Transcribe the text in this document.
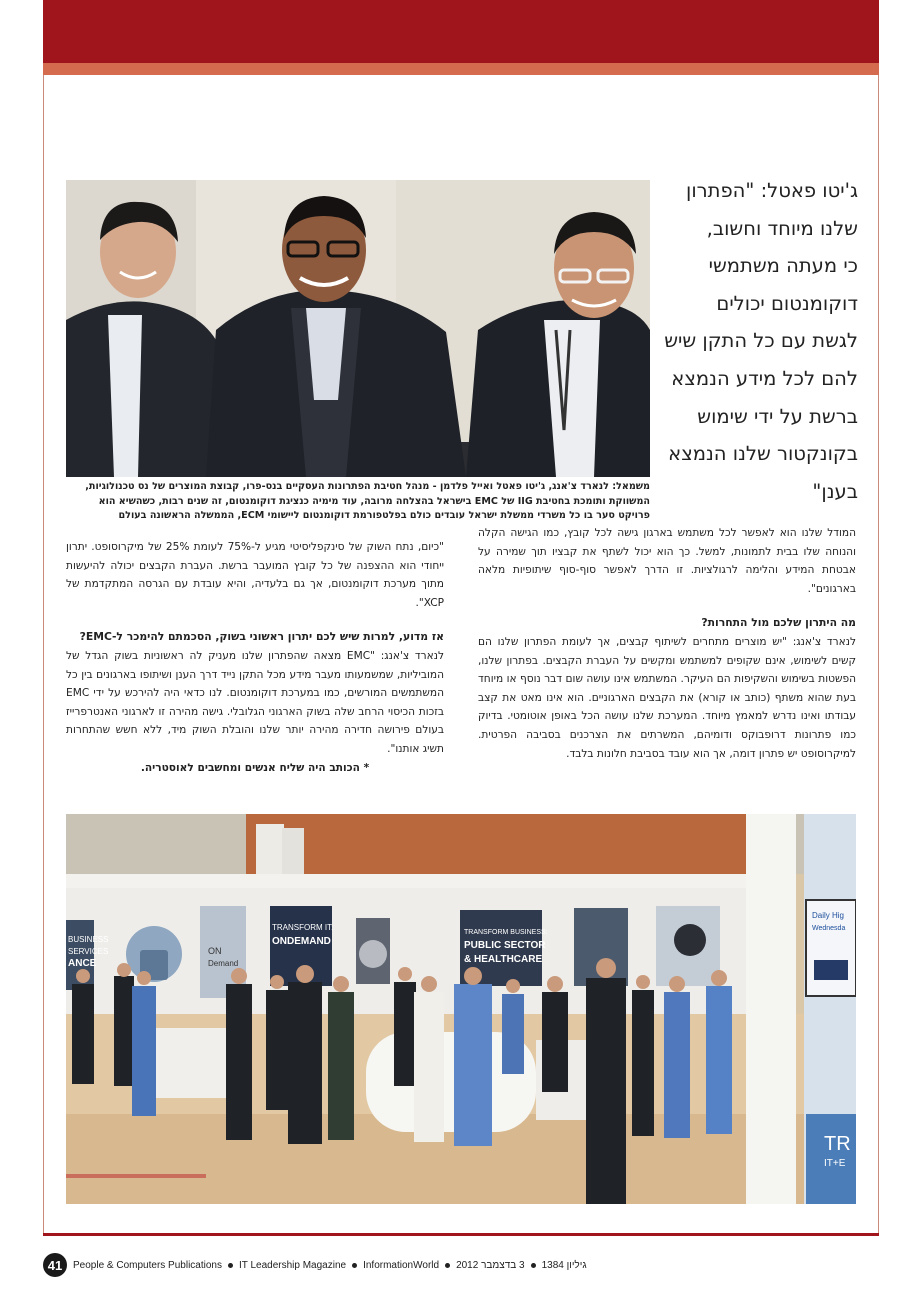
ג'יטו פאטל: "הפתרון
שלנו מיוחד וחשוב,
כי מעתה משתמשי
דוקומנטום יכולים
לגשת עם כל התקן שיש
להם לכל מידע הנמצא
ברשת על ידי שימוש
בקונקטור שלנו הנמצא
בענן"
משמאל: לנארד צ'אנג, ג'יטו פאטל ואייל פלדמן - מנהל חטיבת הפתרונות העסקיים בנס-פרו, קבוצת המוצרים של נס טכנולוגיות, המשווקת ותומכת בחטיבת IIG של EMC בישראל בהצלחה מרובה, עוד מימיה כנציגת דוקומנטום, זה שנים רבות, כשהשיא הוא פרויקט סער בו כל משרדי ממשלת ישראל עובדים כולם בפלטפורמת דוקומנטום ליישומי ECM, הממשלה הראשונה בעולם

המודל שלנו הוא לאפשר לכל משתמש בארגון גישה לכל קובץ, כמו הגישה הקלה והנוחה שלו בבית לתמונות, למשל. כך הוא יכול לשתף את קבציו תוך שמירה על אבטחת המידע והלימה לרגולציות. זו הדרך לאפשר סוף-סוף שיתופיות מלאה בארגונים".

מה היתרון שלכם מול התחרות?

לנארד צ'אנג: "יש מוצרים מתחרים לשיתוף קבצים, אך לעומת הפתרון שלנו הם קשים לשימוש, אינם שקופים למשתמש ומקשים על העברת הקבצים. בפתרון שלנו, הפשטות בשימוש והשקיפות הם העיקר. המשתמש אינו עושה שום דבר נוסף או מיוחד בעת שהוא משתף (כותב או קורא) את הקבצים הארגוניים. הוא אינו מאט את קצב עבודתו ואינו נדרש למאמץ מיוחד. המערכת שלנו עושה הכל באופן אוטומטי. בדיוק כמו פתרונות דרופבוקס ודומיהם, המשרתים את הצרכנים בסביבה הפרטית. למיקרוסופט יש פתרון דומה, אך הוא עובד בסביבת חלונות בלבד.

"כיום, נתח השוק של סינקפליסיטי מגיע ל-75% לעומת 25% של מיקרוסופט. יתרון ייחודי הוא ההצפנה של כל קובץ המועבר ברשת. העברת הקבצים יכולה להיעשות מתוך מערכת דוקומנטום, אך גם בלעדיה, והיא עובדת עם הגרסה המתקדמת של XCP".

אז מדוע, למרות שיש לכם יתרון ראשוני בשוק, הסכמתם להימכר ל-EMC?

לנארד צ'אנג: "EMC מצאה שהפתרון שלנו מעניק לה ראשוניות בשוק הגדל של המוביליות, שמשמעותו מעבר מידע מכל התקן נייד דרך הענן ושיתופו בארגונים בין כל המשתמשים המורשים, כמו במערכת דוקומנטום. לנו כדאי היה להירכש על ידי EMC בזכות הכיסוי הרחב שלה בשוק הארגוני הגלובלי. גישה מהירה זו לארגוני האנטרפרייז בעולם פירושה חדירה מהירה יותר שלנו והובלת השוק מיד, ללא חשש שהתחרות תשיג אותנו".

* הכותב היה שליח אנשים ומחשבים לאוסטריה.

BUSINESS
SERVICES
ANCE
ON
Demand
TRANSFORM IT:
ONDEMAND
TRANSFORM BUSINESS:
PUBLIC SECTOR
& HEALTHCARE
Daily Hig
Wednesda
TR
IT+E
41	People & Computers Publications IT Leadership Magazine InformationWorld 3 בדצמבר 2012 גיליון 1384
